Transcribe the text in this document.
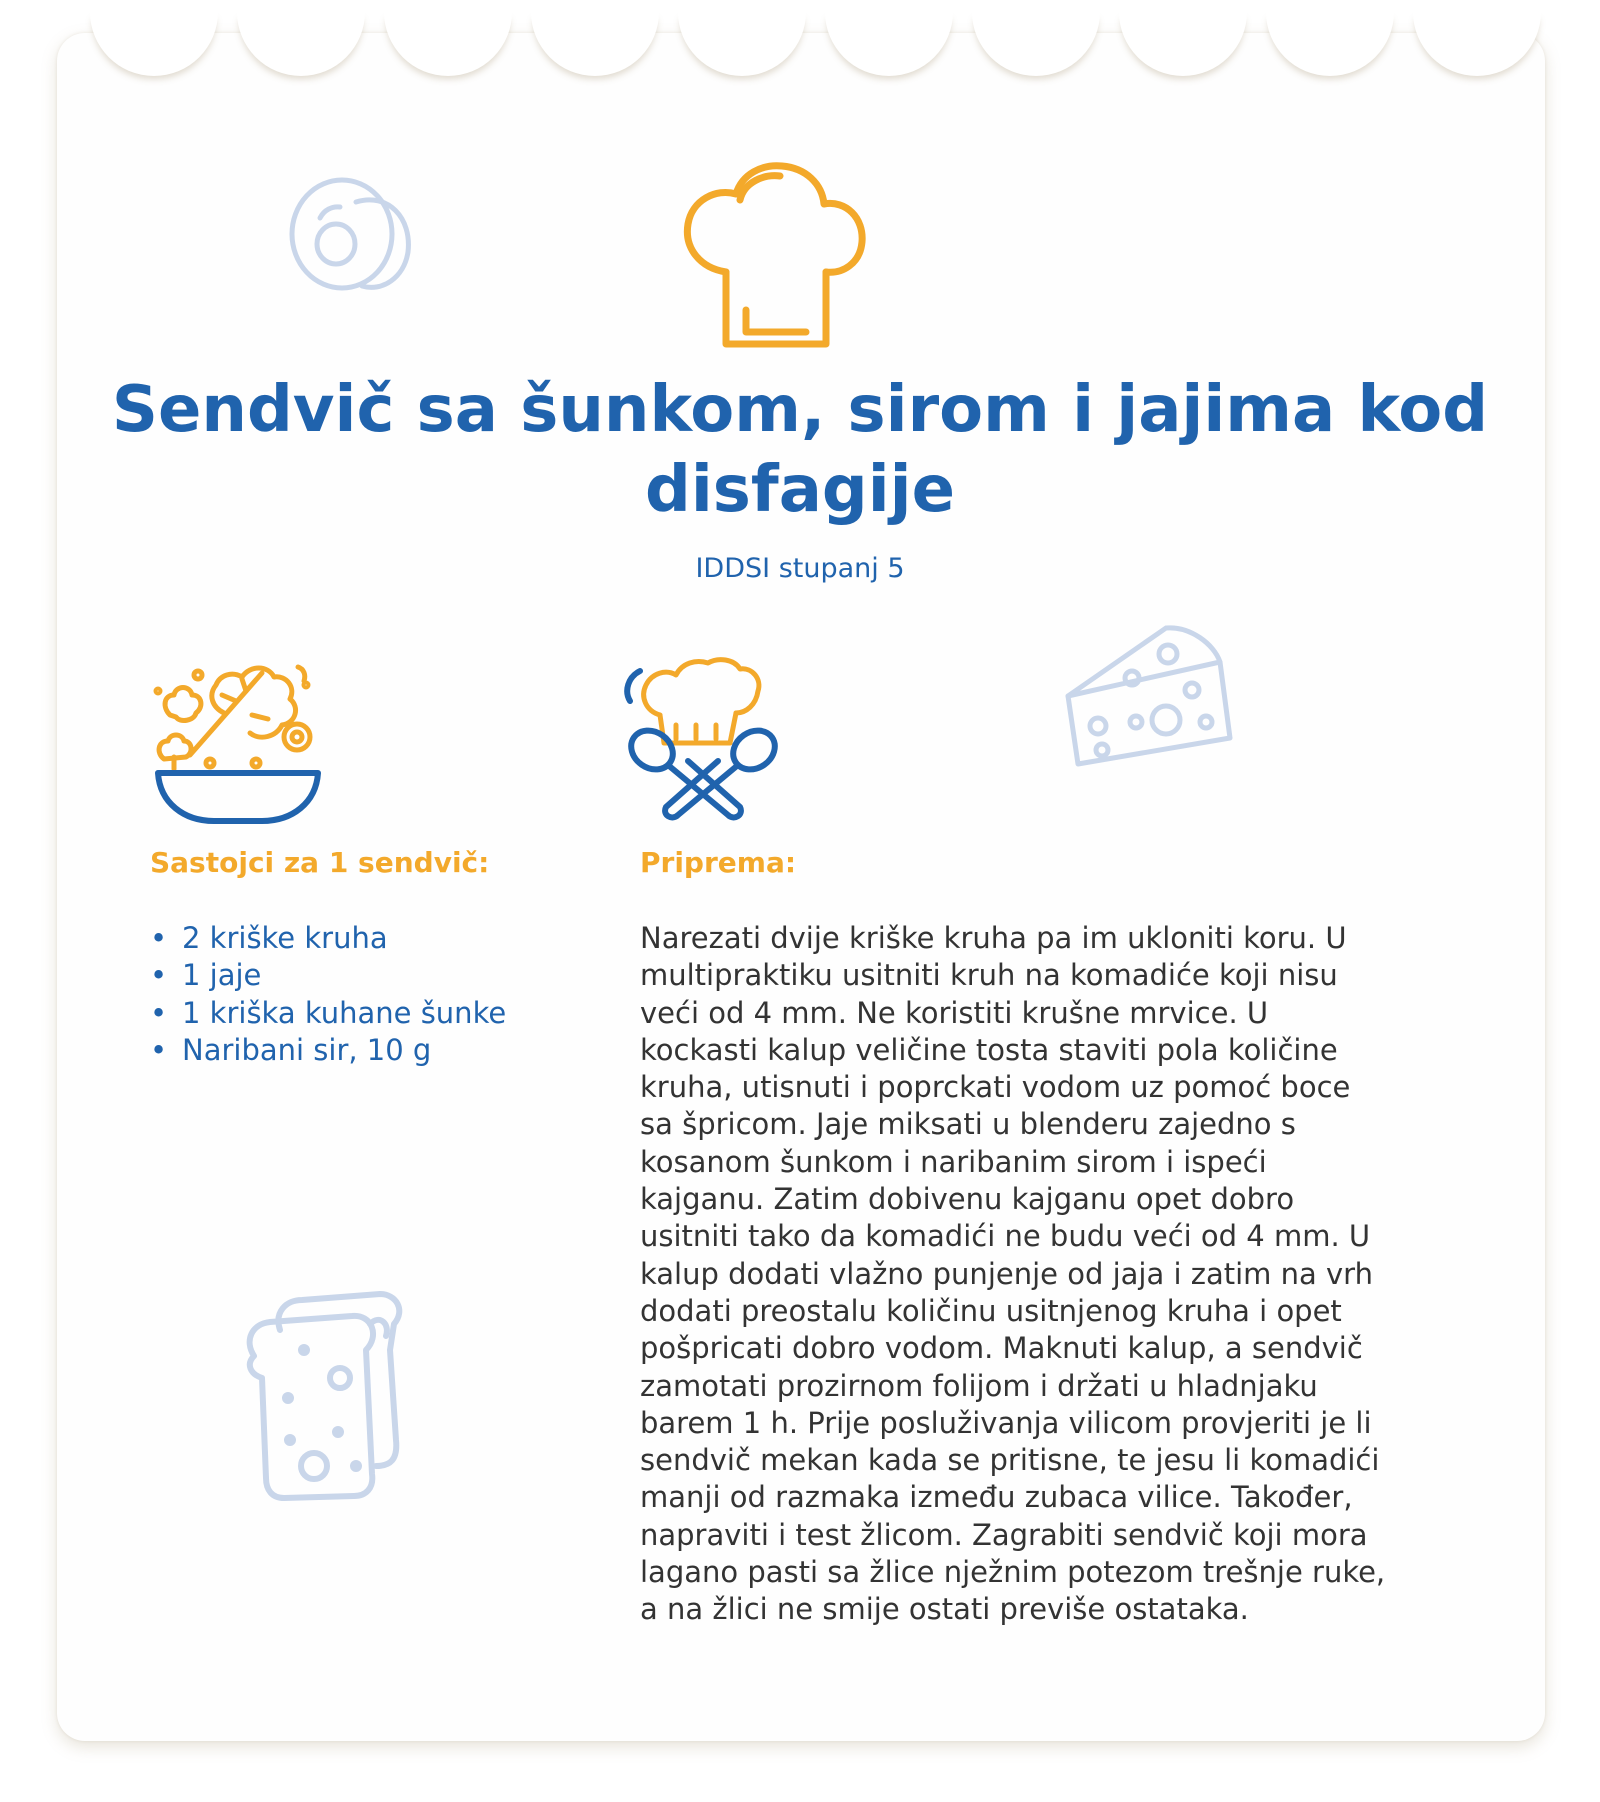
Sendvič sa šunkom, sirom i jajima kod disfagije
IDDSI stupanj 5
Sastojci za 1 sendvič:
• 2 kriške kruha
• 1 jaje
• 1 kriška kuhane šunke
• Naribani sir, 10 g
Priprema:

Narezati dvije kriške kruha pa im ukloniti koru. U
multipraktiku usitniti kruh na komadiće koji nisu
veći od 4 mm. Ne koristiti krušne mrvice. U
kockasti kalup veličine tosta staviti pola količine
kruha, utisnuti i poprckati vodom uz pomoć boce
sa špricom. Jaje miksati u blenderu zajedno s
kosanom šunkom i naribanim sirom i ispeći
kajganu. Zatim dobivenu kajganu opet dobro
usitniti tako da komadići ne budu veći od 4 mm. U
kalup dodati vlažno punjenje od jaja i zatim na vrh
dodati preostalu količinu usitnjenog kruha i opet
pošpricati dobro vodom. Maknuti kalup, a sendvič
zamotati prozirnom folijom i držati u hladnjaku
barem 1 h. Prije posluživanja vilicom provjeriti je li
sendvič mekan kada se pritisne, te jesu li komadići
manji od razmaka između zubaca vilice. Također,
napraviti i test žlicom. Zagrabiti sendvič koji mora
lagano pasti sa žlice nježnim potezom trešnje ruke,
a na žlici ne smije ostati previše ostataka.
